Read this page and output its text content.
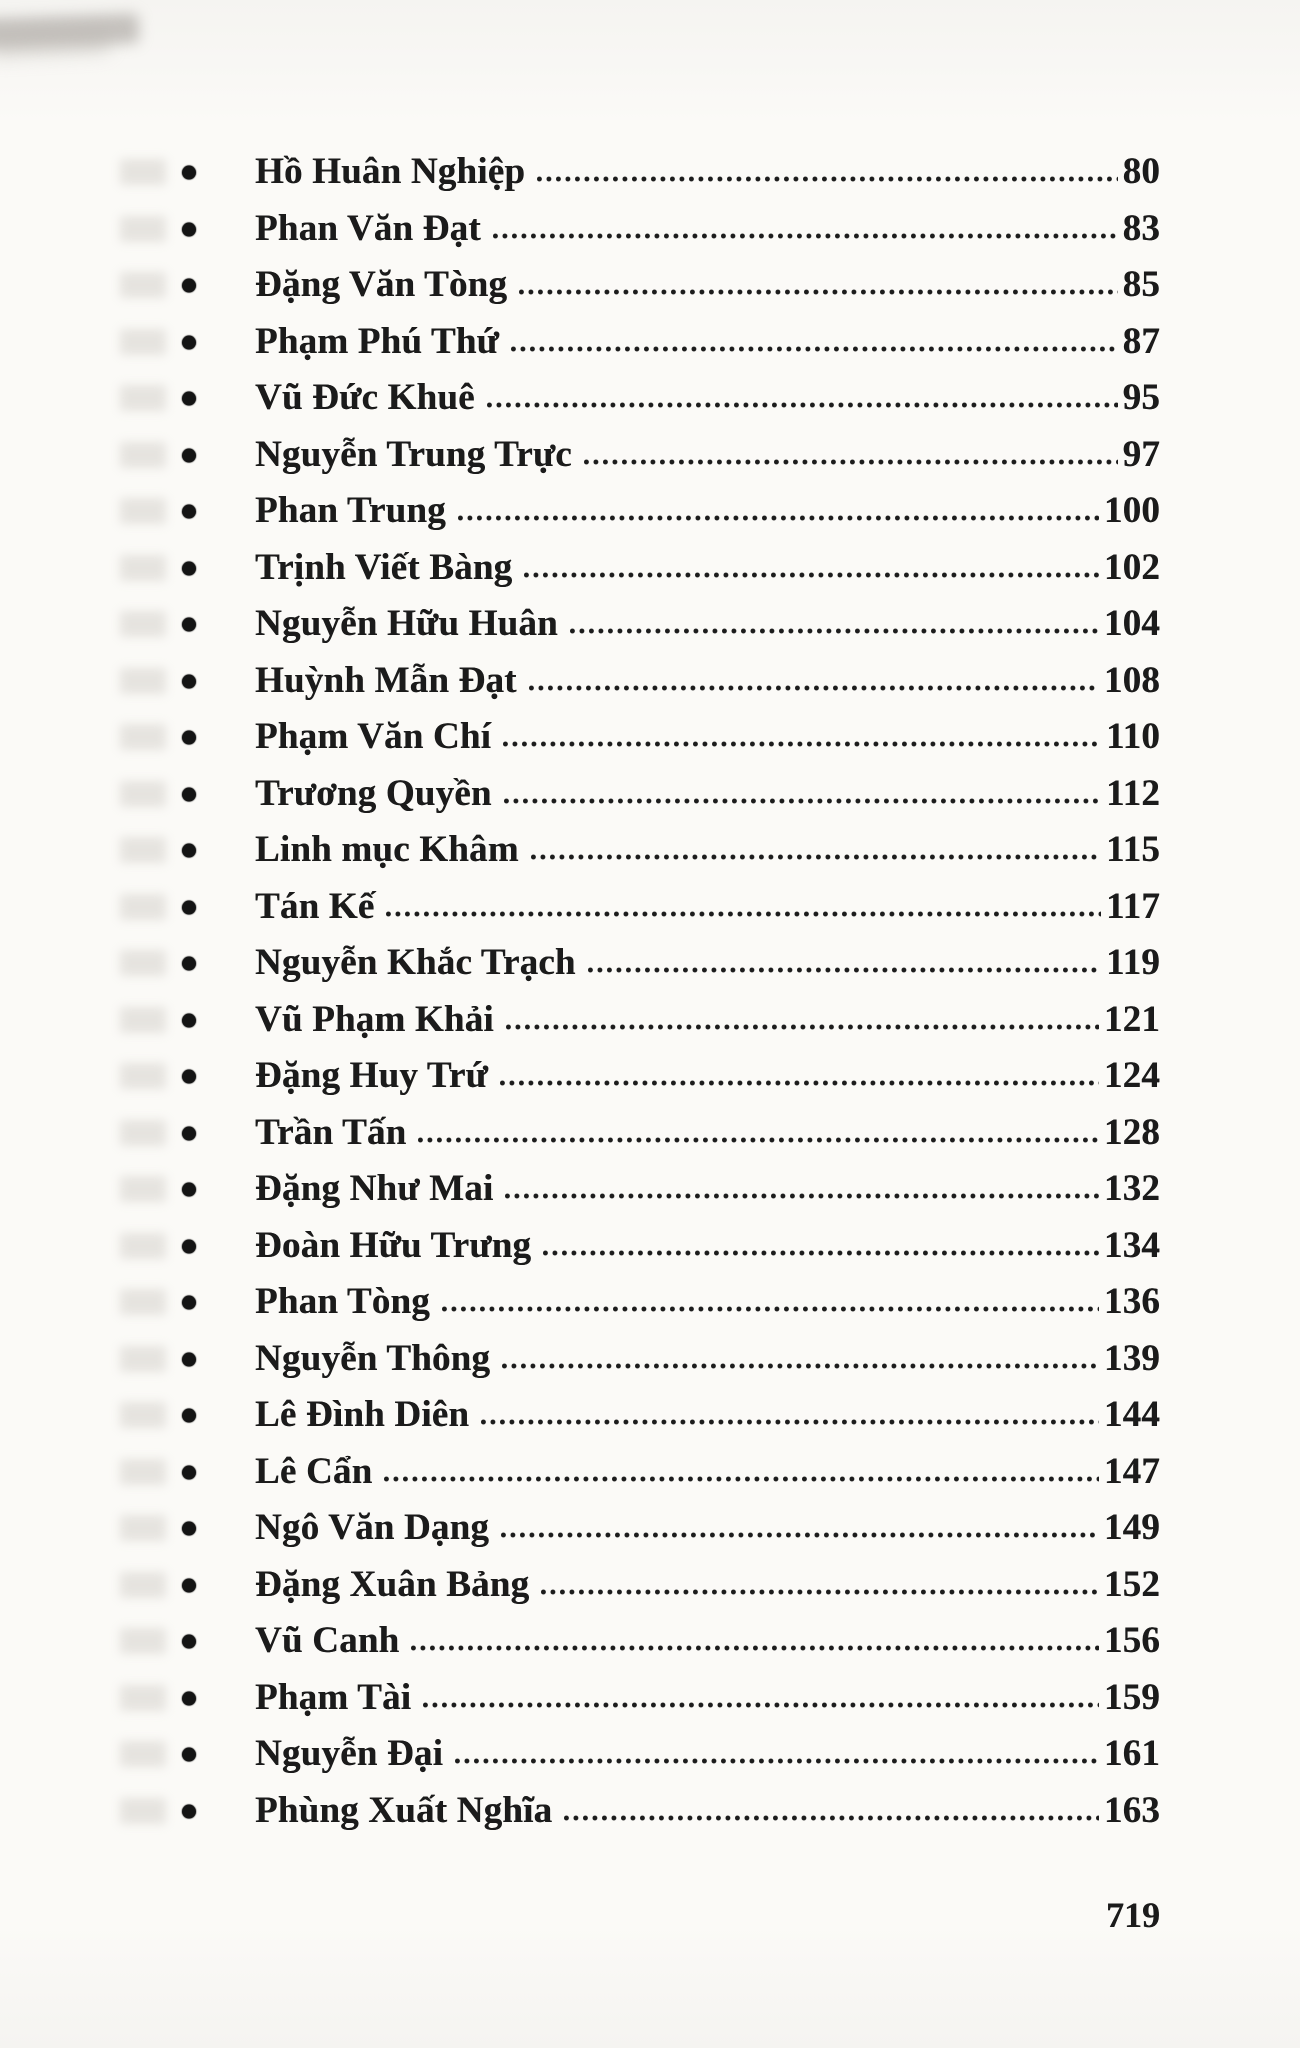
Hồ Huân Nghiệp	80
Phan Văn Đạt	83
Đặng Văn Tòng	85
Phạm Phú Thứ	87
Vũ Đức Khuê	95
Nguyễn Trung Trực	97
Phan Trung	100
Trịnh Viết Bàng	102
Nguyễn Hữu Huân	104
Huỳnh Mẫn Đạt	108
Phạm Văn Chí	110
Trương Quyền	112
Linh mục Khâm	115
Tán Kế	117
Nguyễn Khắc Trạch	119
Vũ Phạm Khải	121
Đặng Huy Trứ	124
Trần Tấn	128
Đặng Như Mai	132
Đoàn Hữu Trưng	134
Phan Tòng	136
Nguyễn Thông	139
Lê Đình Diên	144
Lê Cẩn	147
Ngô Văn Dạng	149
Đặng Xuân Bảng	152
Vũ Canh	156
Phạm Tài	159
Nguyễn Đại	161
Phùng Xuất Nghĩa	163
719
